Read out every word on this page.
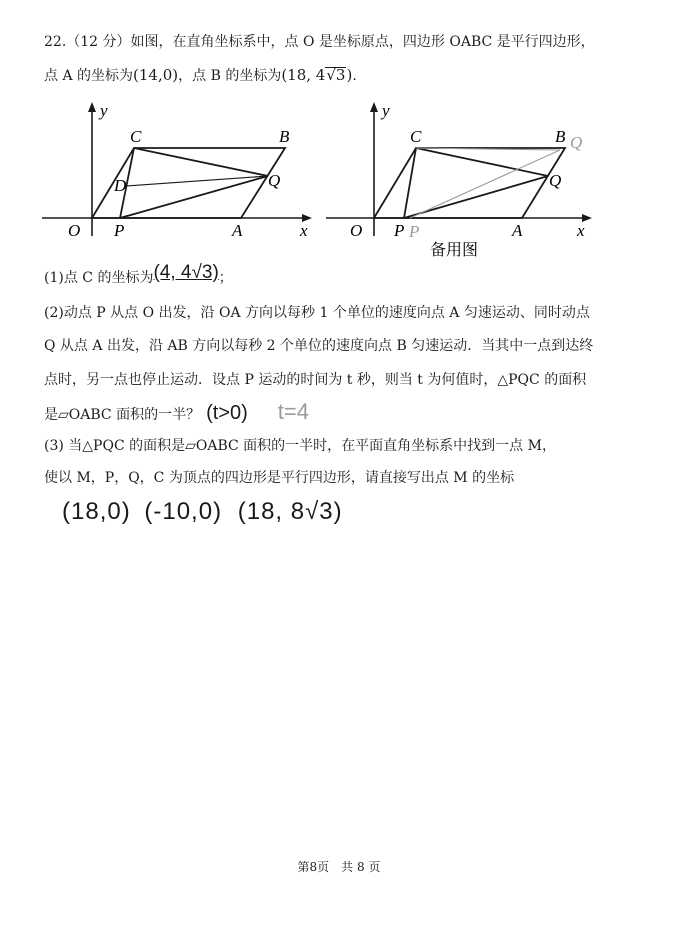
22.（12 分）如图，在直角坐标系中，点 O 是坐标原点，四边形 OABC 是平行四边形，
点 A 的坐标为(14,0)，点 B 的坐标为(18, 4√3).
y
C	B
D	Q
O P	A	x
y
C	B Q
Q
O P P	A	x
备用图
(1)点 C 的坐标为(4, 4√3)；
(2)动点 P 从点 O 出发，沿 OA 方向以每秒 1 个单位的速度向点 A 匀速运动、同时动点
Q 从点 A 出发，沿 AB 方向以每秒 2 个单位的速度向点 B 匀速运动．当其中一点到达终
点时，另一点也停止运动．设点 P 运动的时间为 t 秒，则当 t 为何值时，△PQC 的面积
是▱OABC 面积的一半？ (t>0) t=4
(3) 当△PQC 的面积是▱OABC 面积的一半时，在平面直角坐标系中找到一点 M，
使以 M，P，Q，C 为顶点的四边形是平行四边形，请直接写出点 M 的坐标
(18,0) (-10,0) (18, 8√3)
第8页　共 8 页
